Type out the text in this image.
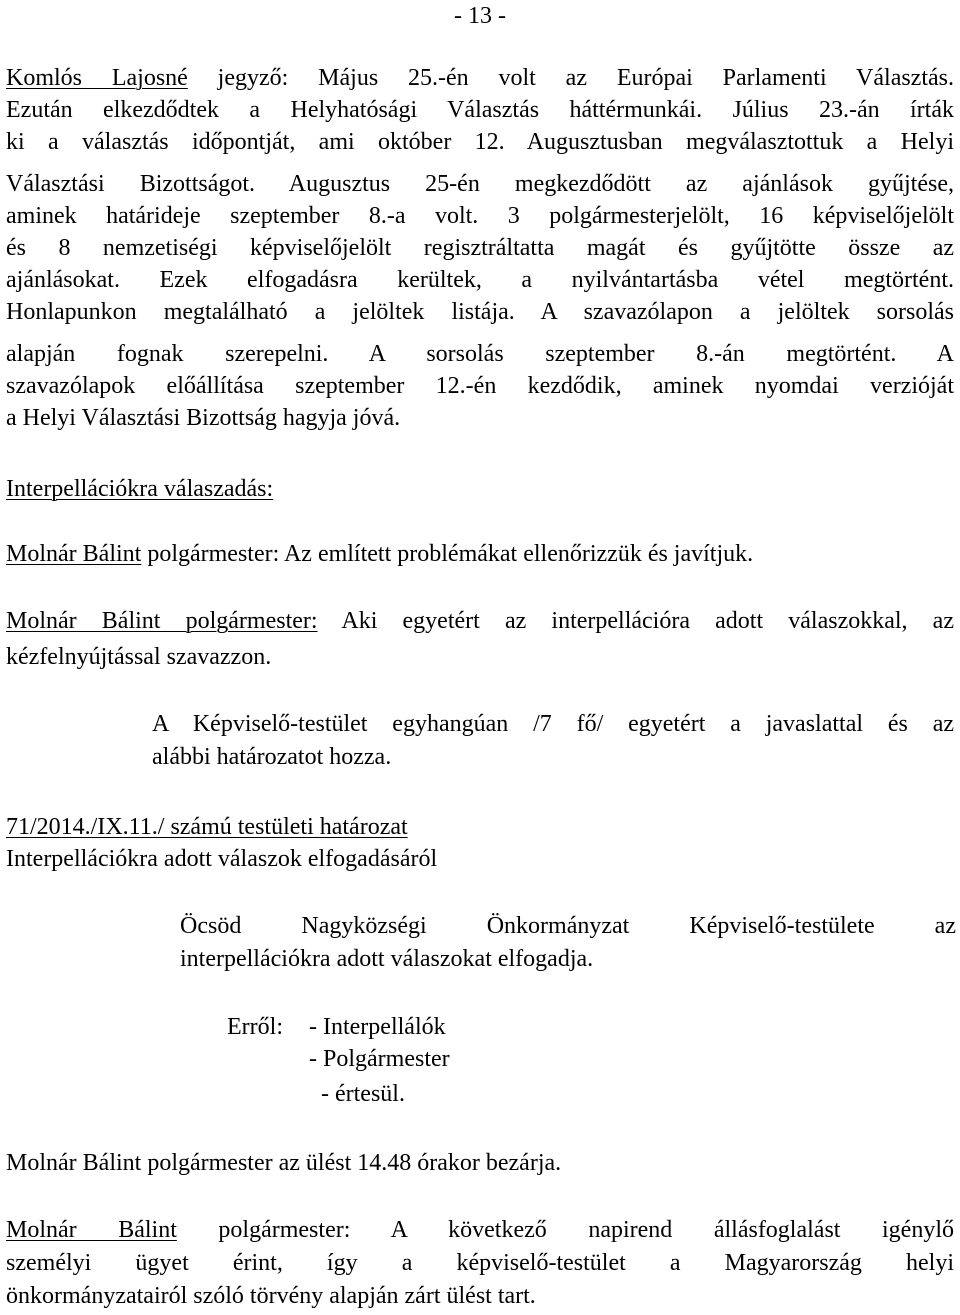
- 13 -
Komlós Lajosné jegyző: Május 25.-én volt az Európai Parlamenti Választás.
Ezután elkezdődtek a Helyhatósági Választás háttérmunkái. Július 23.-án írták
ki a választás időpontját, ami október 12. Augusztusban megválasztottuk a Helyi
Választási Bizottságot. Augusztus 25-én megkezdődött az ajánlások gyűjtése,
aminek határideje szeptember 8.-a volt. 3 polgármesterjelölt, 16 képviselőjelölt
és 8 nemzetiségi képviselőjelölt regisztráltatta magát és gyűjtötte össze az
ajánlásokat. Ezek elfogadásra kerültek, a nyilvántartásba vétel megtörtént.
Honlapunkon megtalálható a jelöltek listája. A szavazólapon a jelöltek sorsolás
alapján fognak szerepelni. A sorsolás szeptember 8.-án megtörtént. A
szavazólapok előállítása szeptember 12.-én kezdődik, aminek nyomdai verzióját
a Helyi Választási Bizottság hagyja jóvá.
Interpellációkra válaszadás:
Molnár Bálint polgármester: Az említett problémákat ellenőrizzük és javítjuk.
Molnár Bálint polgármester: Aki egyetért az interpellációra adott válaszokkal, az
kézfelnyújtással szavazzon.
A Képviselő-testület egyhangúan /7 fő/ egyetért a javaslattal és az
alábbi határozatot hozza.
71/2014./IX.11./ számú testületi határozat
Interpellációkra adott válaszok elfogadásáról
Öcsöd Nagyközségi Önkormányzat Képviselő-testülete az
interpellációkra adott válaszokat elfogadja.
Erről: - Interpellálók
- Polgármester
- értesül.
Molnár Bálint polgármester az ülést 14.48 órakor bezárja.
Molnár Bálint polgármester: A következő napirend állásfoglalást igénylő
személyi ügyet érint, így a képviselő-testület a Magyarország helyi
önkormányzatairól szóló törvény alapján zárt ülést tart.
